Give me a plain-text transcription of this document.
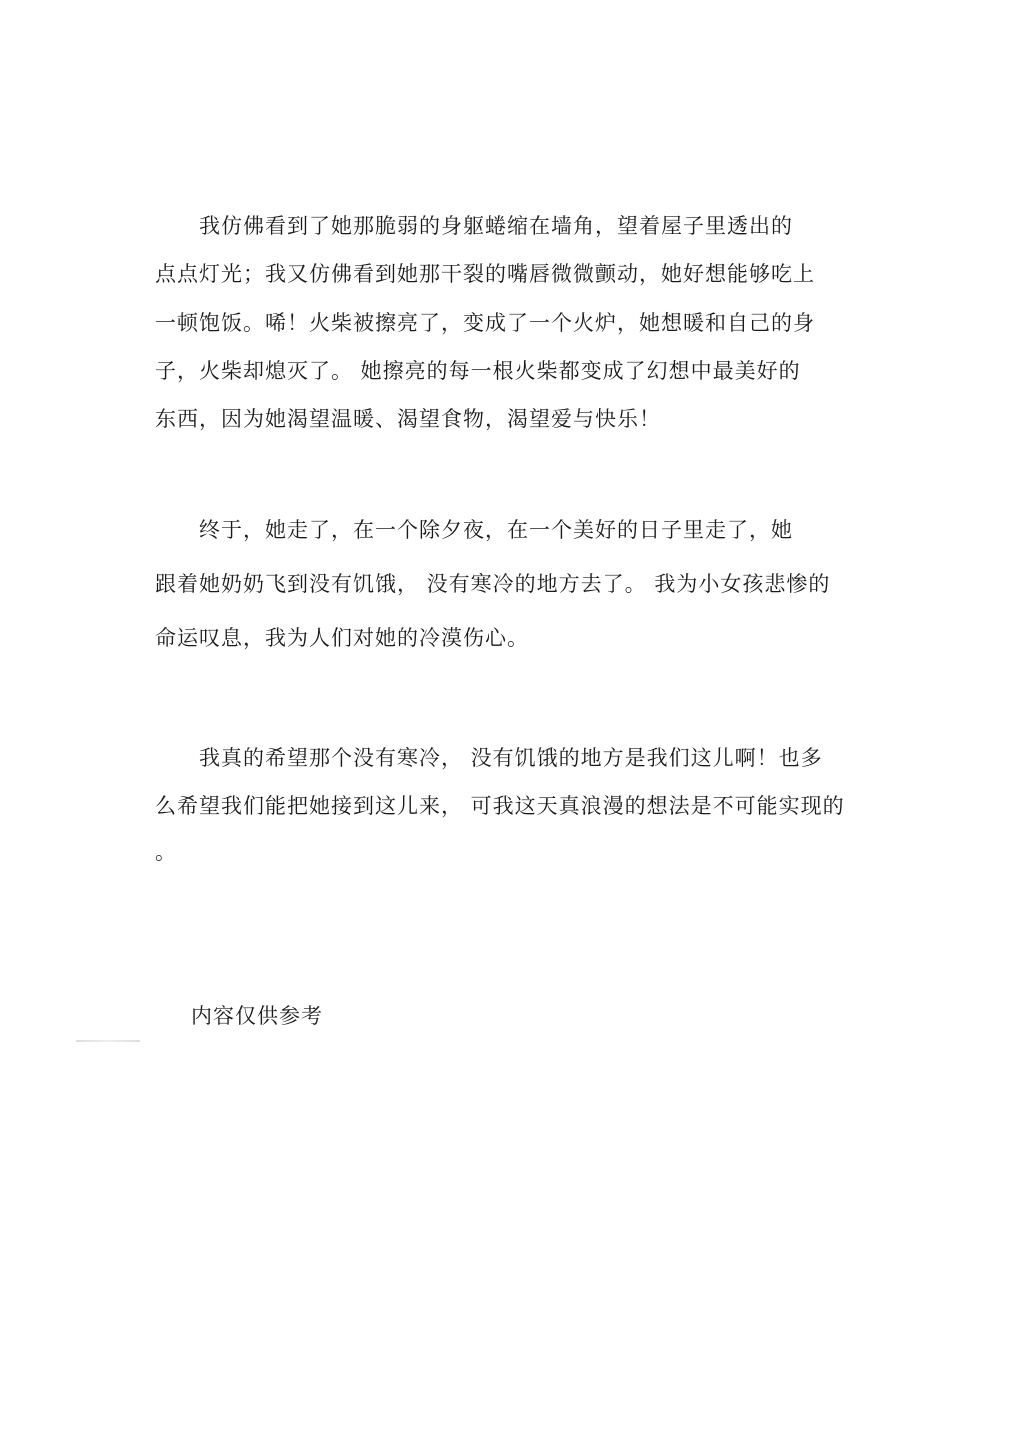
　　我仿佛看到了她那脆弱的身躯蜷缩在墙角，望着屋子里透出的
点点灯光；我又仿佛看到她那干裂的嘴唇微微颤动，她好想能够吃上
一顿饱饭。唏！火柴被擦亮了，变成了一个火炉，她想暖和自己的身
子，火柴却熄灭了。 她擦亮的每一根火柴都变成了幻想中最美好的
东西，因为她渴望温暖、渴望食物，渴望爱与快乐！
　　终于，她走了，在一个除夕夜，在一个美好的日子里走了，她
跟着她奶奶飞到没有饥饿， 没有寒冷的地方去了。 我为小女孩悲惨的
命运叹息，我为人们对她的冷漠伤心。
　　我真的希望那个没有寒冷， 没有饥饿的地方是我们这儿啊！也多
么希望我们能把她接到这儿来， 可我这天真浪漫的想法是不可能实现的
。
内容仅供参考
